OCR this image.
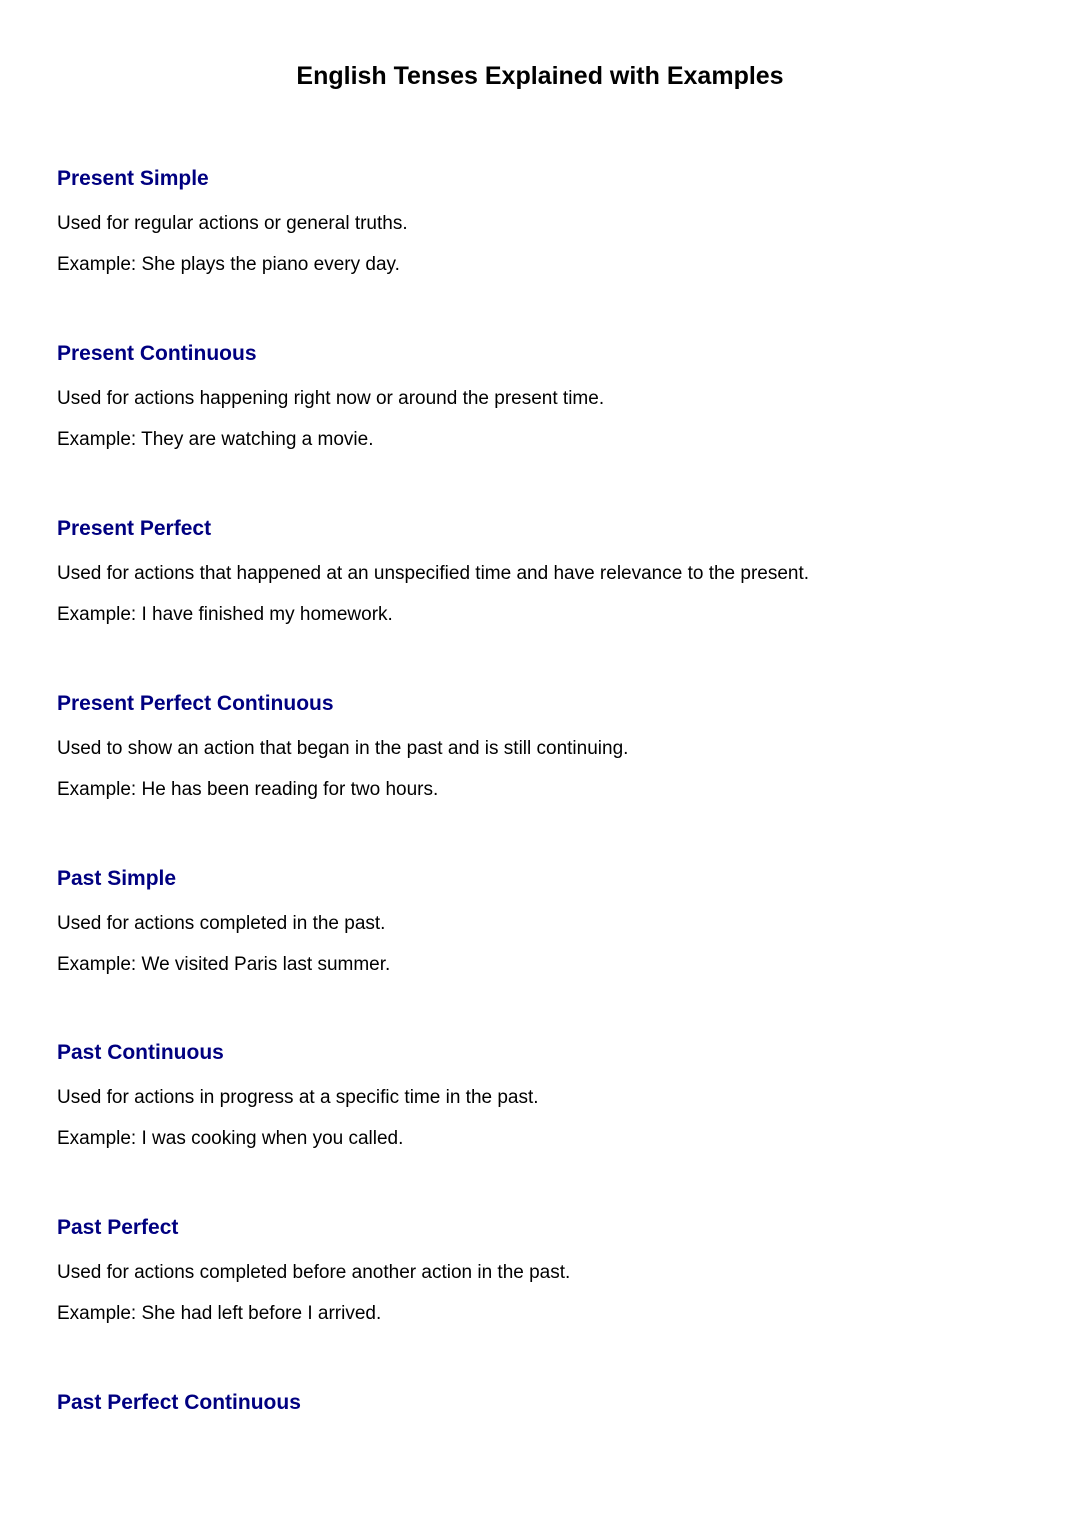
English Tenses Explained with Examples
Present Simple

Used for regular actions or general truths.

Example: She plays the piano every day.

Present Continuous

Used for actions happening right now or around the present time.

Example: They are watching a movie.

Present Perfect

Used for actions that happened at an unspecified time and have relevance to the present.

Example: I have finished my homework.

Present Perfect Continuous

Used to show an action that began in the past and is still continuing.

Example: He has been reading for two hours.

Past Simple

Used for actions completed in the past.

Example: We visited Paris last summer.

Past Continuous

Used for actions in progress at a specific time in the past.

Example: I was cooking when you called.

Past Perfect

Used for actions completed before another action in the past.

Example: She had left before I arrived.

Past Perfect Continuous
